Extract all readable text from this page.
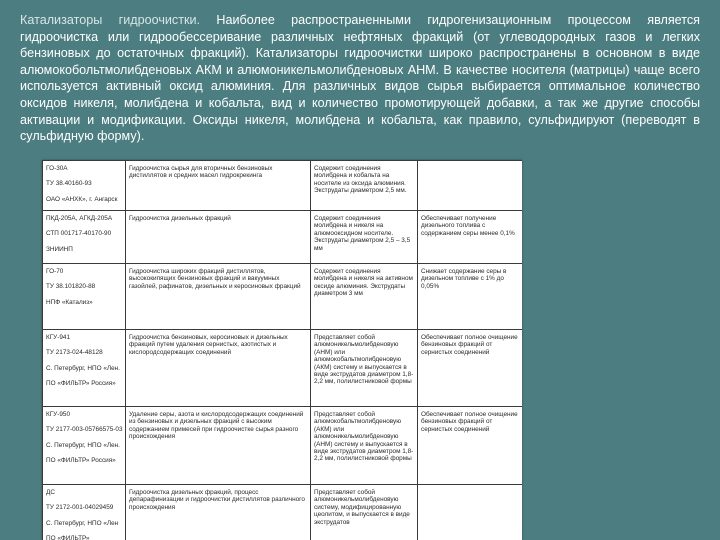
Катализаторы гидроочистки. Наиболее распространенными гидрогенизационным процессом является гидроочистка или гидрообессеривание различных нефтяных фракций (от углеводородных газов и легких бензиновых до остаточных фракций). Катализаторы гидроочистки широко распространены в основном в виде алюмокобольтмолибденовых АКМ и алюмоникельмолибденовых АНМ. В качестве носителя (матрицы) чаще всего используется активный оксид алюминия. Для различных видов сырья выбирается оптимальное количество оксидов никеля, молибдена и кобальта, вид и количество промотирующей добавки, а так же другие способы активации и модификации. Оксиды никеля, молибдена и кобальта, как правило, сульфидируют (переводят в сульфидную форму).

ГО-30А
ТУ 38.40160-93
ОАО «АНХК», г. Ангарск	Гидроочистка сырья для вторичных бензиновых дистиллятов и средних масел гидрокрекинга	Содержит соединения молибдена и кобальта на носителе из оксида алюминия. Экструдаты диаметром 2,5 мм.	

ПКД-205А, АГКД-205А
СТП 001717-40170-90
ЗНИИНП	Гидроочистка дизельных фракций	Содержит соединения молибдена и никеля на алюмооксидном носителе. Экструдаты диаметром 2,5 – 3,5 мм	Обеспечивает получение дизельного топлива с содержанием серы менее 0,1%

ГО-70
ТУ 38.101820-88
НПФ «Катализ»	Гидроочистка широких фракций дистиллятов, высококипящих бензиновых фракций и вакуумных газойлей, рафинатов, дизельных и керосиновых фракций	Содержит соединения молибдена и никеля на активном оксиде алюминия. Экструдаты диаметром 3 мм	Снижает содержание серы в дизельном топливе с 1% до 0,05%

КГУ-941
ТУ 2173-024-48128
С. Петербург, НПО «Лен.
ПО «ФИЛЬТР» Россия»	Гидроочистка бензиновых, керосиновых и дизельных фракций путем удаления сернистых, азотистых и кислородсодержащих соединений	Представляет собой алюмоникельмолибденовую (АНМ) или алюмокобальтмолибденовую (АКМ) систему и выпускается в виде экструдатов диаметром 1,8-2,2 мм, полилистниковой формы	Обеспечивает полное очищение бензиновых фракций от сернистых соединений

КГУ-950
ТУ 2177-003-05766575-03
С. Петербург, НПО «Лен.
ПО «ФИЛЬТР» Россия»	Удаление серы, азота и кислородсодержащих соединений из бензиновых и дизельных фракций с высоким содержанием примесей при гидроочистке сырья разного происхождения	Представляет собой алюмокобальтмолибденовую (АКМ) или алюмоникельмолибденовую (АНМ) систему и выпускается в виде экструдатов диаметром 1,8-2,2 мм, полилистниковой формы	Обеспечивает полное очищение бензиновых фракций от сернистых соединений

ДС
ТУ 2172-001-04029459
С. Петербург, НПО «Лен
ПО «ФИЛЬТР»	Гидроочистка дизельных фракций, процесс депарафинизации и гидроочистки дистиллятов различного происхождения	Представляет собой алюмоникельмолибденовую систему, модифицированную цеолитом, и выпускается в виде экструдатов	
